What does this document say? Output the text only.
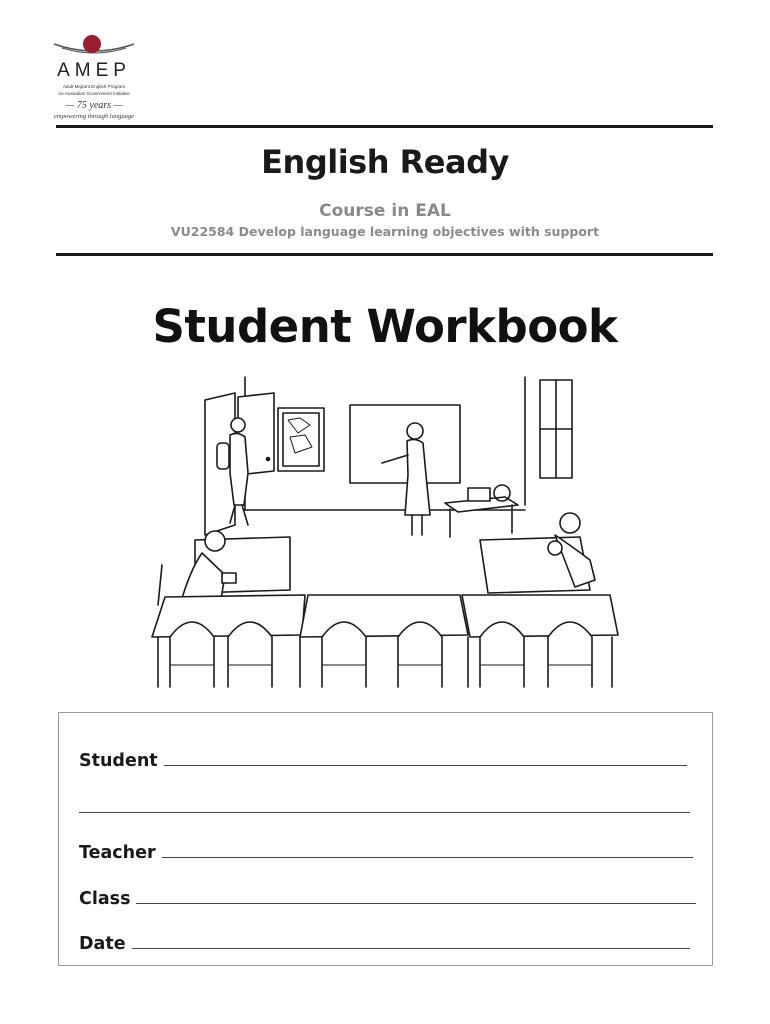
AMEP
Adult Migrant English Program
An Australian Government Initiative
— 75 years —
empowering through language
English Ready
Course in EAL
VU22584 Develop language learning objectives with support
Student Workbook
Student
Teacher
Class
Date
